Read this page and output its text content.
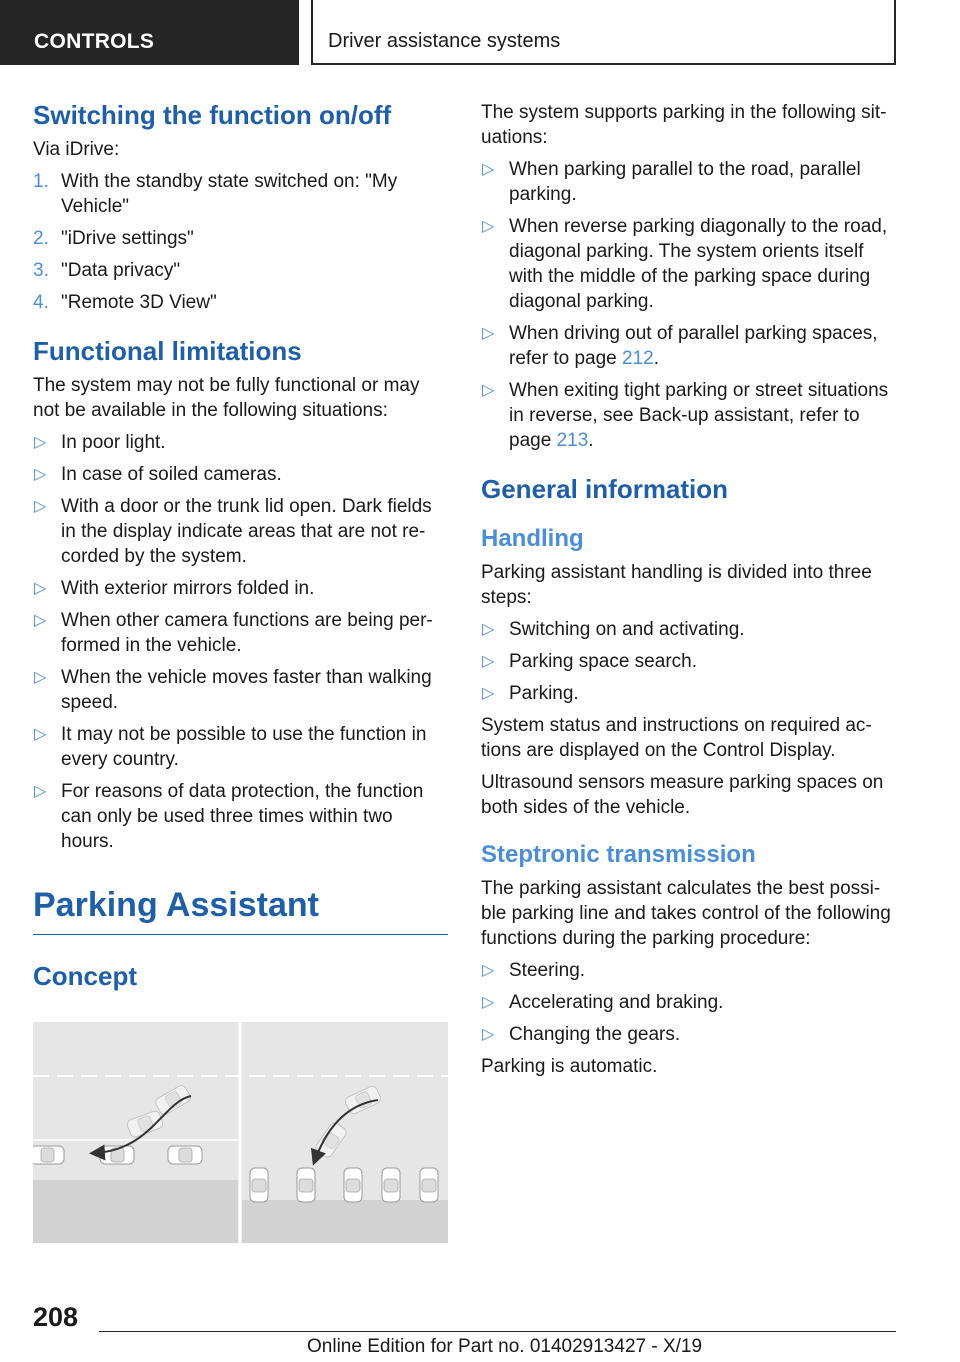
CONTROLS	Driver assistance systems
Switching the function on/off

Via iDrive:

1. With the standby state switched on: "My Vehicle"
2. "iDrive settings"
3. "Data privacy"
4. "Remote 3D View"
Functional limitations

The system may not be fully functional or may not be available in the following situations:

▷ In poor light.
▷ In case of soiled cameras.
▷ With a door or the trunk lid open. Dark fields in the display indicate areas that are not re- corded by the system.
▷ With exterior mirrors folded in.
▷ When other camera functions are being per- formed in the vehicle.
▷ When the vehicle moves faster than walking speed.
▷ It may not be possible to use the function in every country.
▷ For reasons of data protection, the function can only be used three times within two hours.
Parking Assistant
Concept

The system supports parking in the following sit- uations:

▷ When parking parallel to the road, parallel parking.
▷ When reverse parking diagonally to the road, diagonal parking. The system orients itself with the middle of the parking space during diagonal parking.
▷ When driving out of parallel parking spaces, refer to page 212.
▷ When exiting tight parking or street situations in reverse, see Back-up assistant, refer to page 213.
General information
Handling

Parking assistant handling is divided into three steps:

▷ Switching on and activating.
▷ Parking space search.
▷ Parking.

System status and instructions on required ac- tions are displayed on the Control Display.

Ultrasound sensors measure parking spaces on both sides of the vehicle.

Steptronic transmission

The parking assistant calculates the best possi- ble parking line and takes control of the following functions during the parking procedure:

▷ Steering.
▷ Accelerating and braking.
▷ Changing the gears.

Parking is automatic.

208
Online Edition for Part no. 01402913427 - X/19
